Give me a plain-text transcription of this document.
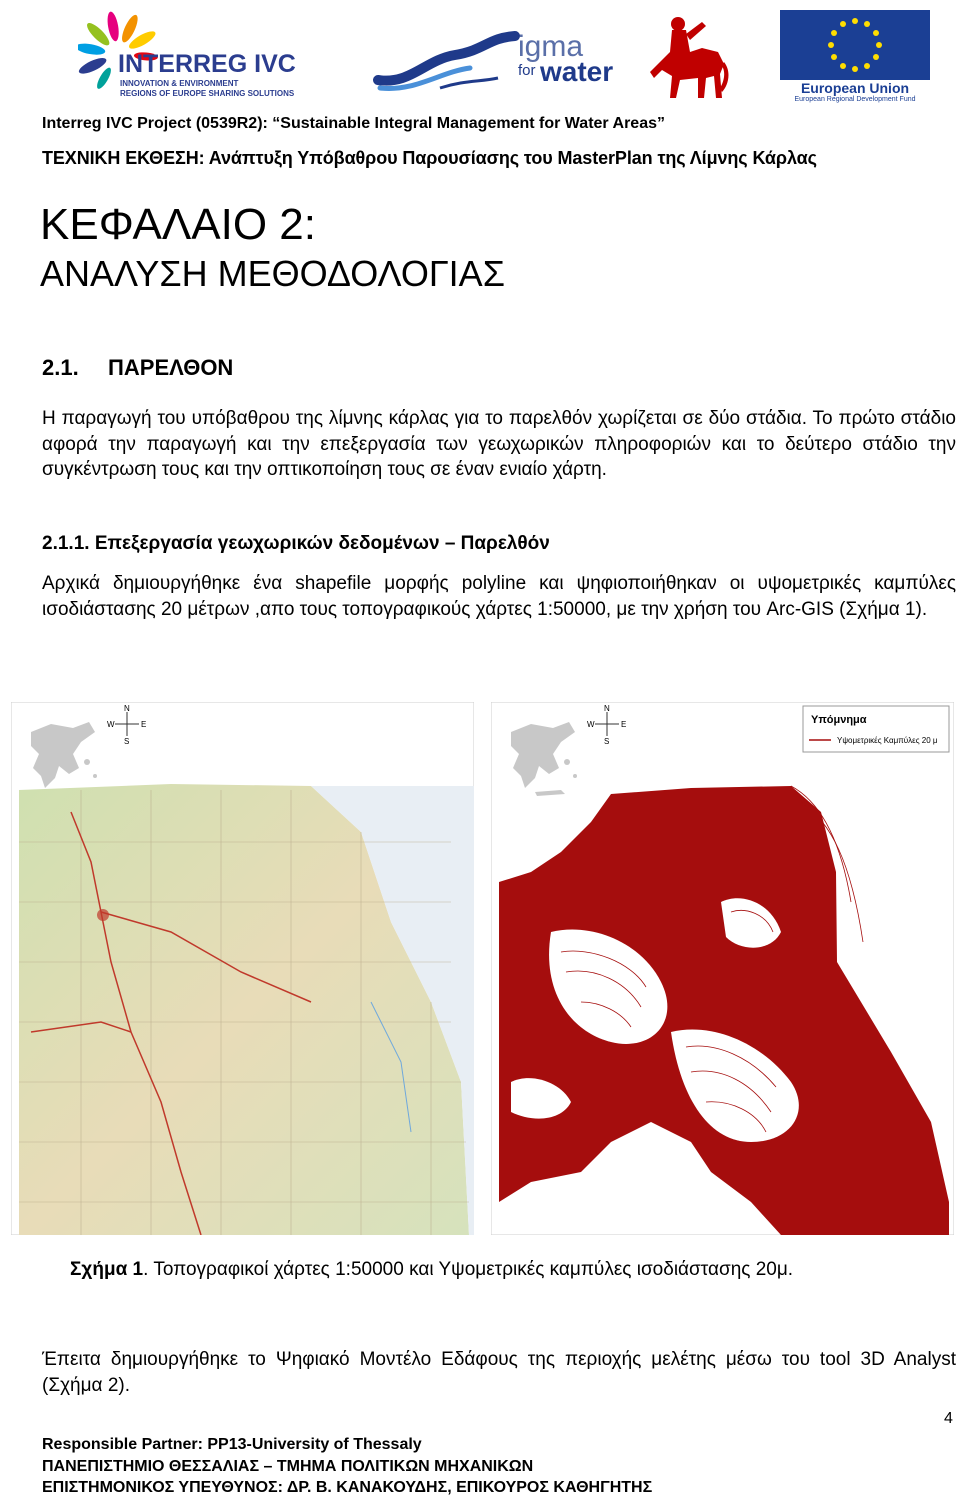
INTERREG IVC
INNOVATION & ENVIRONMENT
REGIONS OF EUROPE SHARING SOLUTIONS
igma
for water
European Union
European Regional Development Fund
Interreg IVC Project (0539R2): “Sustainable Integral Management for Water Areas”
ΤΕΧΝΙΚΗ ΕΚΘΕΣΗ: Ανάπτυξη Υπόβαθρου Παρουσίασης του MasterPlan της Λίμνης Κάρλας
ΚΕΦΑΛΑΙΟ 2:
ΑΝΑΛΥΣΗ ΜΕΘΟΔΟΛΟΓΙΑΣ
2.1. ΠΑΡΕΛΘΟΝ
Η παραγωγή του υπόβαθρου της λίμνης κάρλας για το παρελθόν χωρίζεται σε δύο στάδια. Το πρώτο στάδιο αφορά την παραγωγή και την επεξεργασία των γεωχωρικών πληροφοριών και το δεύτερο στάδιο την συγκέντρωση τους και την οπτικοποίηση τους σε έναν ενιαίο χάρτη.
2.1.1. Επεξεργασία γεωχωρικών δεδομένων – Παρελθόν
Αρχικά δημιουργήθηκε ένα shapefile μορφής polyline και ψηφιοποιήθηκαν οι υψομετρικές καμπύλες ισοδιάστασης 20 μέτρων ,απο τους τοπογραφικούς χάρτες 1:50000, με την χρήση του Arc-GIS (Σχήμα 1).
N
S
E
W
N
S
E
W	Υπόμνημα
Υψομετρικές Καμπύλες 20 μ
Σχήμα 1. Τοπογραφικοί χάρτες 1:50000 και Υψομετρικές καμπύλες ισοδιάστασης 20μ.
Έπειτα δημιουργήθηκε το Ψηφιακό Μοντέλο Εδάφους της περιοχής μελέτης μέσω του tool 3D Analyst (Σχήμα 2).
4
Responsible Partner: PP13-University of Thessaly
ΠΑΝΕΠΙΣΤΗΜΙΟ ΘΕΣΣΑΛΙΑΣ – ΤΜΗΜΑ ΠΟΛΙΤΙΚΩΝ ΜΗΧΑΝΙΚΩΝ
ΕΠΙΣΤΗΜΟΝΙΚΟΣ ΥΠΕΥΘΥΝΟΣ: ΔΡ. Β. ΚΑΝΑΚΟΥΔΗΣ, ΕΠΙΚΟΥΡΟΣ ΚΑΘΗΓΗΤΗΣ
